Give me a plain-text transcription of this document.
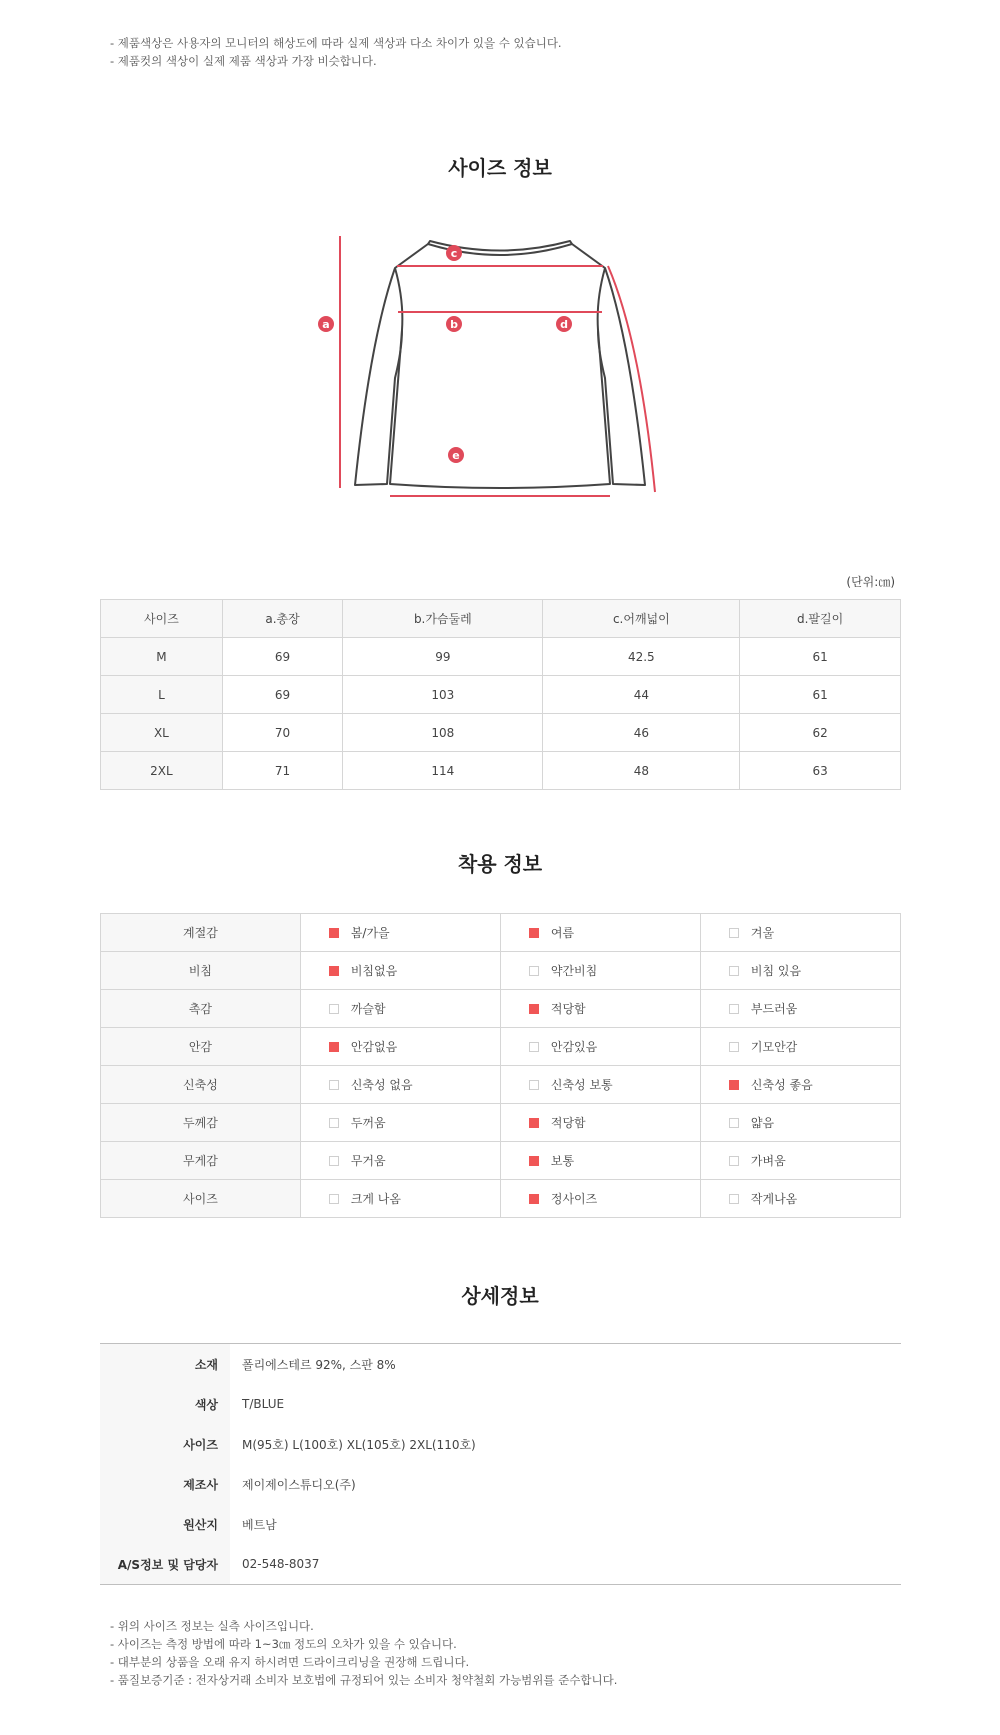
- 제품색상은 사용자의 모니터의 해상도에 따라 실제 색상과 다소 차이가 있을 수 있습니다.
- 제품컷의 색상이 실제 제품 색상과 가장 비슷합니다.
사이즈 정보
a
c
b	d
e
(단위:㎝)
사이즈	a.총장	b.가슴둘레	c.어깨넓이	d.팔길이
M	69	99	42.5	61
L	69	103	44	61
XL	70	108	46	62
2XL	71	114	48	63
착용 정보
계절감	봄/가을	여름	겨울
비침	비침없음	약간비침	비침 있음
촉감	까슬함	적당함	부드러움
안감	안감없음	안감있음	기모안감
신축성	신축성 없음	신축성 보통	신축성 좋음
두께감	두꺼움	적당함	얇음
무게감	무거움	보통	가벼움
사이즈	크게 나옴	정사이즈	작게나옴
상세정보
소재	폴리에스테르 92%, 스판 8%
색상	T/BLUE
사이즈	M(95호) L(100호) XL(105호) 2XL(110호)
제조사	제이제이스튜디오(주)
원산지	베트남
A/S정보 및 담당자	02-548-8037
- 위의 사이즈 정보는 실측 사이즈입니다.
- 사이즈는 측정 방법에 따라 1~3㎝ 정도의 오차가 있을 수 있습니다.
- 대부분의 상품을 오래 유지 하시려면 드라이크리닝을 권장해 드립니다.
- 품질보증기준 : 전자상거래 소비자 보호법에 규정되어 있는 소비자 청약철회 가능범위를 준수합니다.
